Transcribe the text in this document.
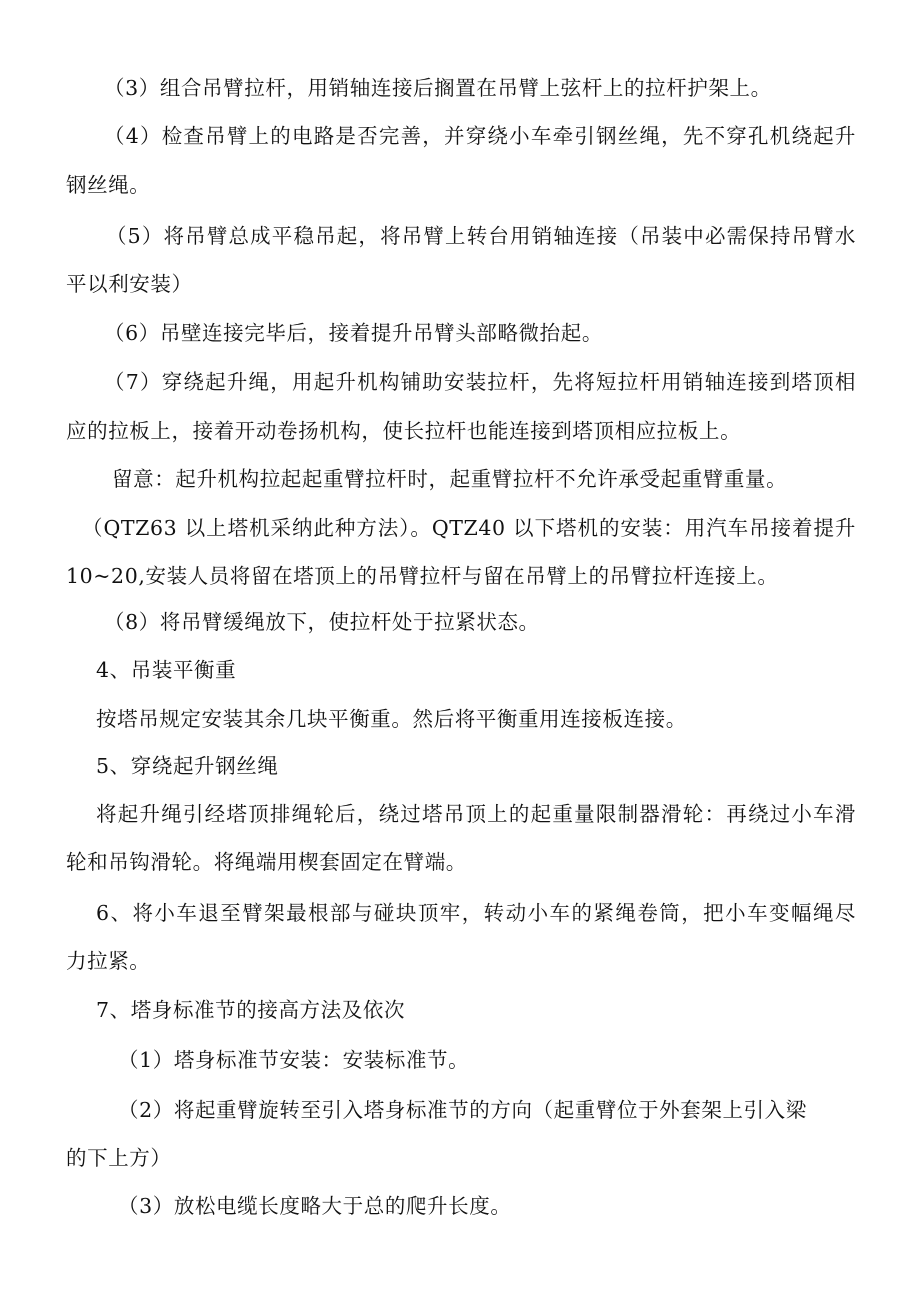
（3）组合吊臂拉杆，用销轴连接后搁置在吊臂上弦杆上的拉杆护架上。
（4）检查吊臂上的电路是否完善，并穿绕小车牵引钢丝绳，先不穿孔机绕起升
钢丝绳。
（5）将吊臂总成平稳吊起，将吊臂上转台用销轴连接（吊装中必需保持吊臂水
平以利安装）
（6）吊壁连接完毕后，接着提升吊臂头部略微抬起。
（7）穿绕起升绳，用起升机构铺助安装拉杆，先将短拉杆用销轴连接到塔顶相
应的拉板上，接着开动卷扬机构，使长拉杆也能连接到塔顶相应拉板上。
留意：起升机构拉起起重臂拉杆时，起重臂拉杆不允许承受起重臂重量。
（QTZ63 以上塔机采纳此种方法）。QTZ40 以下塔机的安装：用汽车吊接着提升
10~20,安装人员将留在塔顶上的吊臂拉杆与留在吊臂上的吊臂拉杆连接上。
（8）将吊臂缓绳放下，使拉杆处于拉紧状态。
4、吊装平衡重
按塔吊规定安装其余几块平衡重。然后将平衡重用连接板连接。
5、穿绕起升钢丝绳
将起升绳引经塔顶排绳轮后，绕过塔吊顶上的起重量限制器滑轮：再绕过小车滑
轮和吊钩滑轮。将绳端用楔套固定在臂端。
6、将小车退至臂架最根部与碰块顶牢，转动小车的紧绳卷筒，把小车变幅绳尽
力拉紧。
7、塔身标准节的接高方法及依次
（1）塔身标准节安装：安装标准节。
（2）将起重臂旋转至引入塔身标准节的方向（起重臂位于外套架上引入梁
的下上方）
（3）放松电缆长度略大于总的爬升长度。
